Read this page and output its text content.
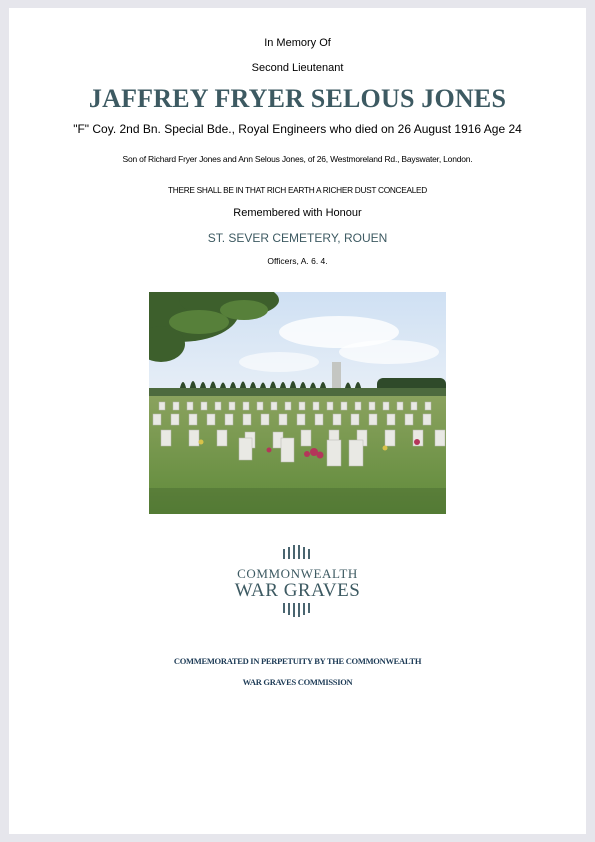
In Memory Of
Second Lieutenant
JAFFREY FRYER SELOUS JONES
"F" Coy. 2nd Bn. Special Bde., Royal Engineers who died on 26 August 1916 Age 24
Son of Richard Fryer Jones and Ann Selous Jones, of 26, Westmoreland Rd., Bayswater, London.
THERE SHALL BE IN THAT RICH EARTH A RICHER DUST CONCEALED
Remembered with Honour
ST. SEVER CEMETERY, ROUEN
Officers, A. 6. 4.
COMMONWEALTH
WAR GRAVES
COMMEMORATED IN PERPETUITY BY THE COMMONWEALTH
WAR GRAVES COMMISSION
